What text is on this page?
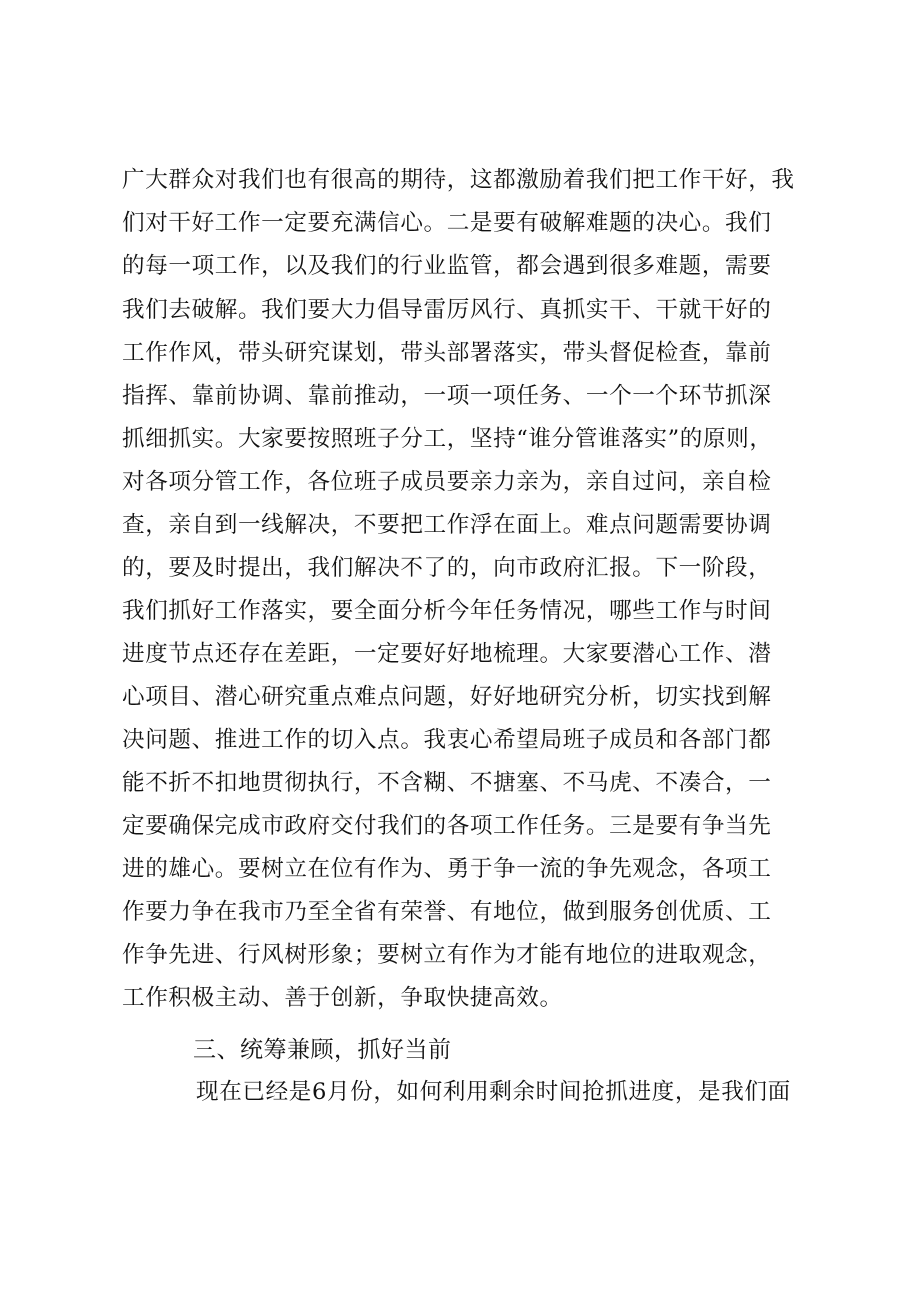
广大群众对我们也有很高的期待，这都激励着我们把工作干好，我
们对干好工作一定要充满信心。二是要有破解难题的决心。我们
的每一项工作，以及我们的行业监管，都会遇到很多难题，需要
我们去破解。我们要大力倡导雷厉风行、真抓实干、干就干好的
工作作风，带头研究谋划，带头部署落实，带头督促检查，靠前
指挥、靠前协调、靠前推动，一项一项任务、一个一个环节抓深
抓细抓实。大家要按照班子分工，坚持“谁分管谁落实”的原则，
对各项分管工作，各位班子成员要亲力亲为，亲自过问，亲自检
查，亲自到一线解决，不要把工作浮在面上。难点问题需要协调
的，要及时提出，我们解决不了的，向市政府汇报。下一阶段，
我们抓好工作落实，要全面分析今年任务情况，哪些工作与时间
进度节点还存在差距，一定要好好地梳理。大家要潜心工作、潜
心项目、潜心研究重点难点问题，好好地研究分析，切实找到解
决问题、推进工作的切入点。我衷心希望局班子成员和各部门都
能不折不扣地贯彻执行，不含糊、不搪塞、不马虎、不凑合，一
定要确保完成市政府交付我们的各项工作任务。三是要有争当先
进的雄心。要树立在位有作为、勇于争一流的争先观念，各项工
作要力争在我市乃至全省有荣誉、有地位，做到服务创优质、工
作争先进、行风树形象；要树立有作为才能有地位的进取观念，
工作积极主动、善于创新，争取快捷高效。
三、统筹兼顾，抓好当前
现在已经是6月份，如何利用剩余时间抢抓进度，是我们面
